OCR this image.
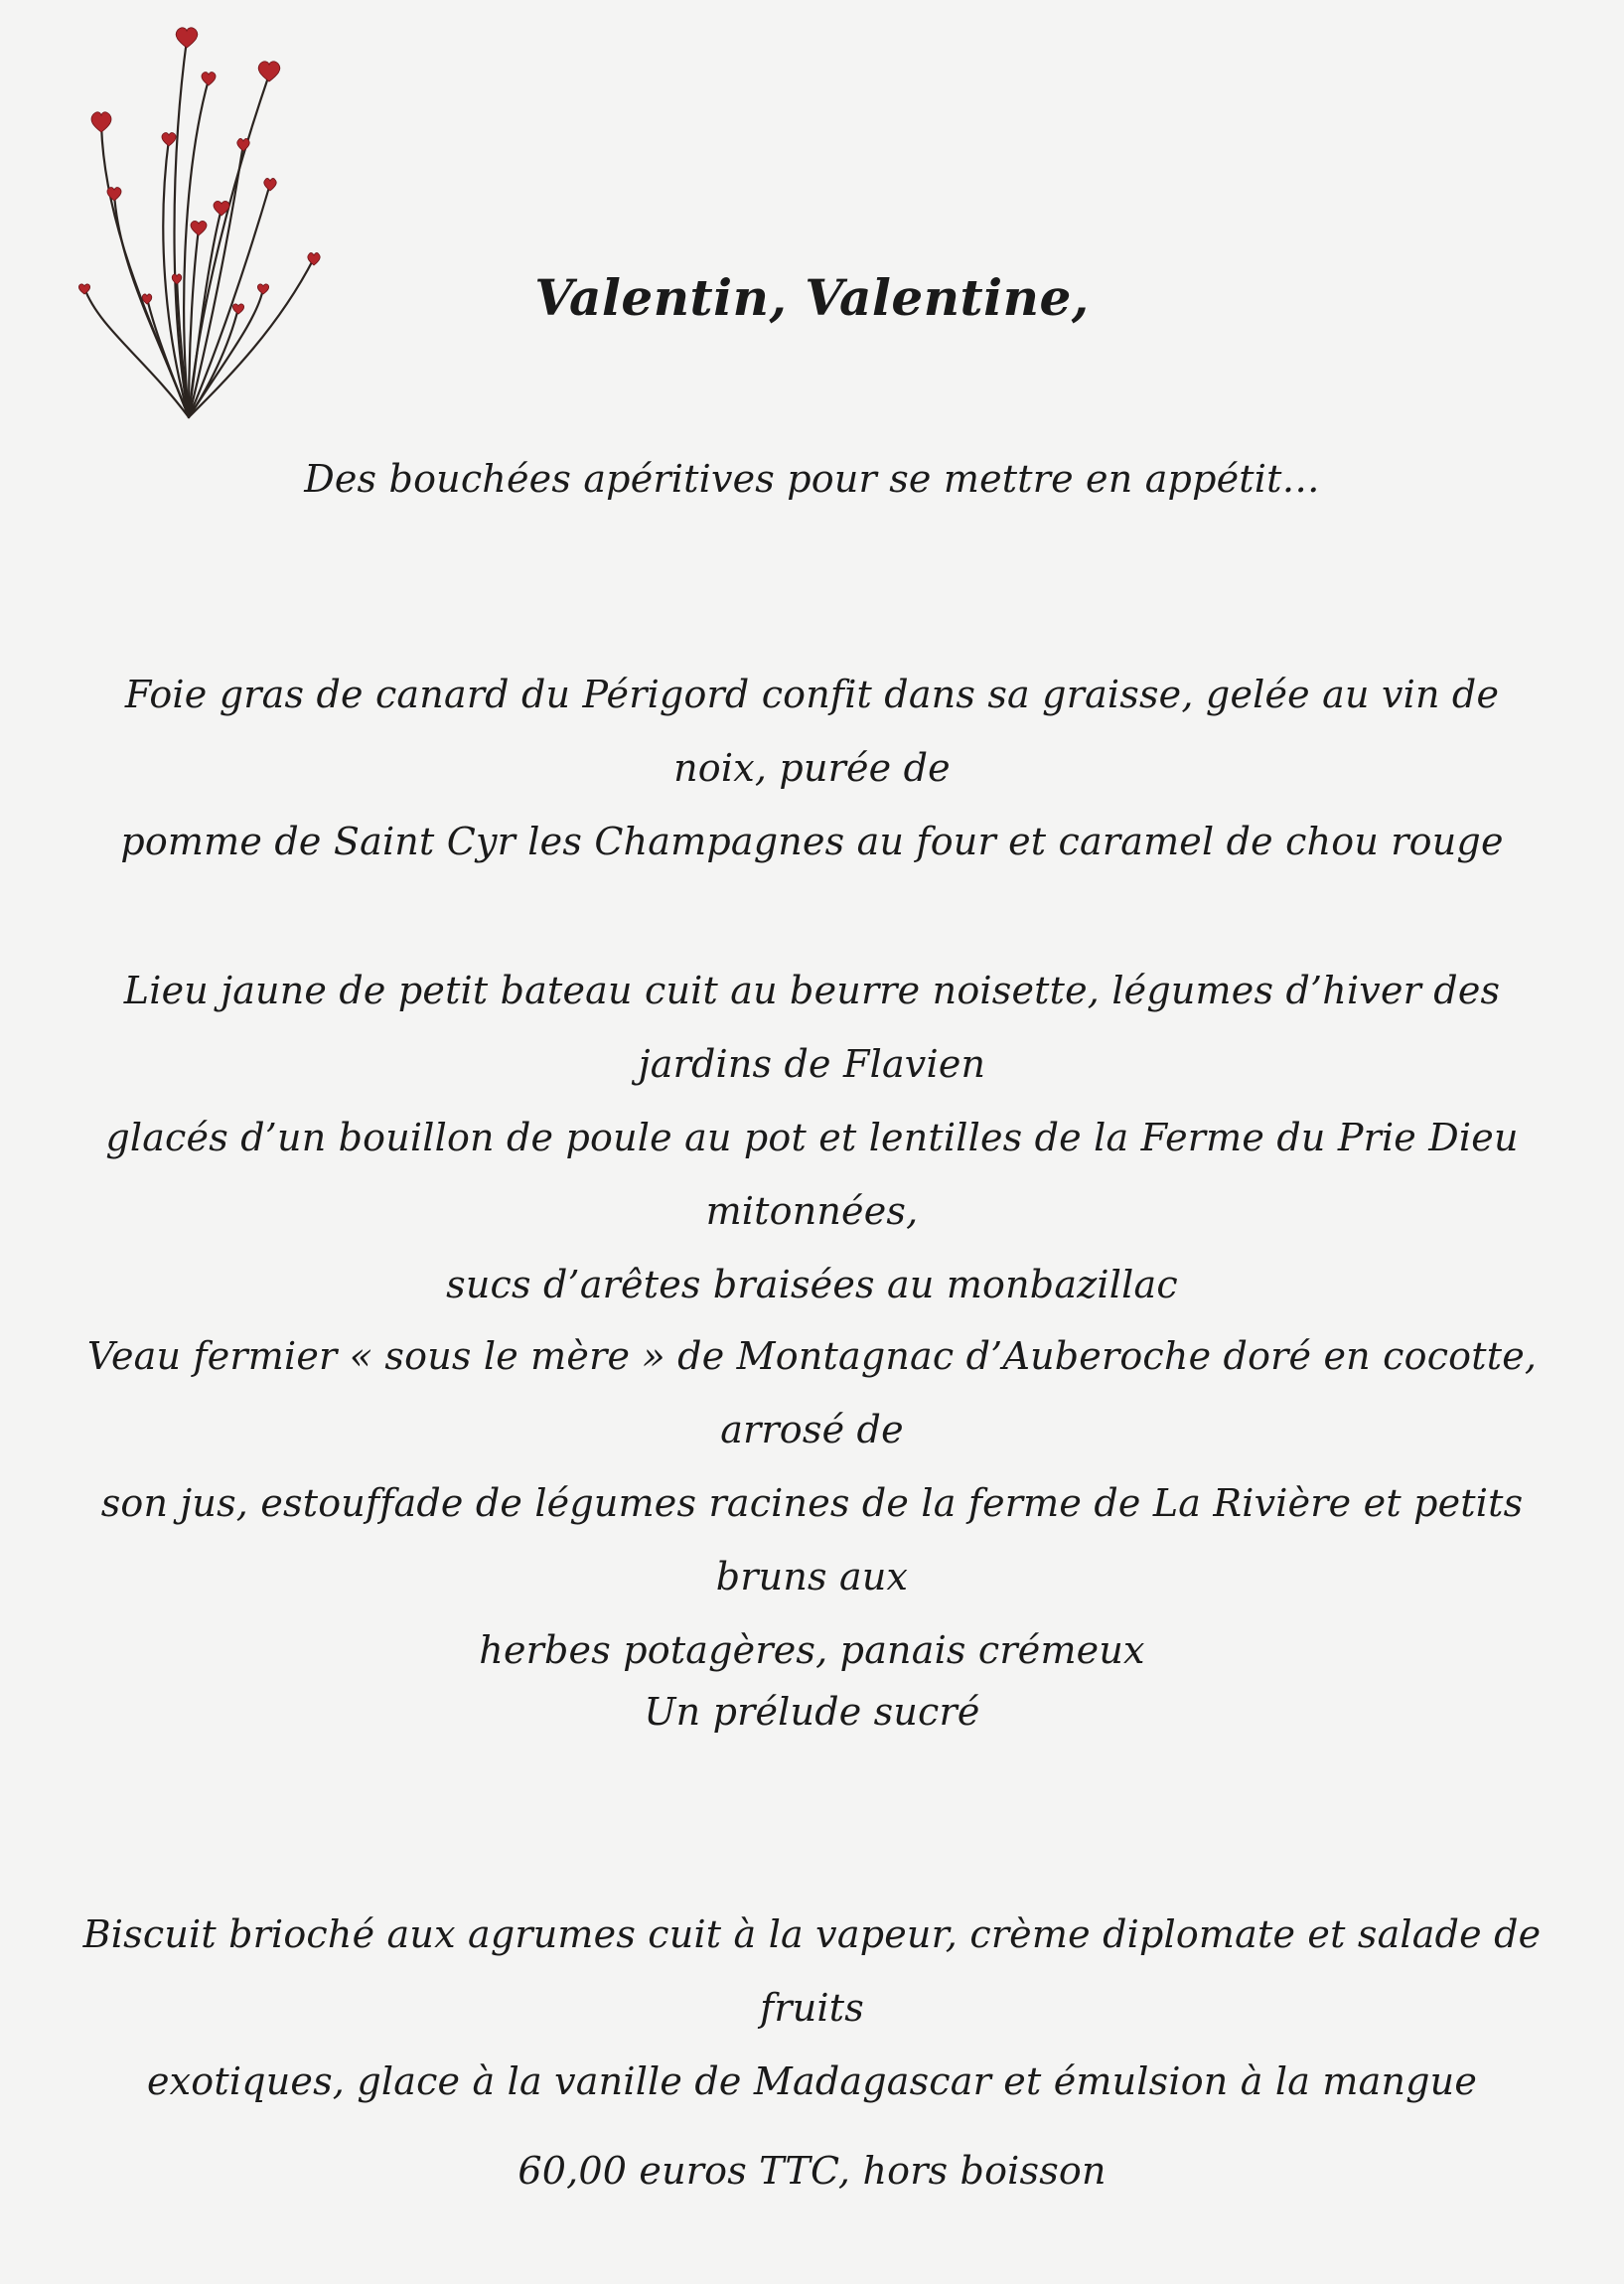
Valentin, Valentine,
Des bouchées apéritives pour se mettre en appétit…
Foie gras de canard du Périgord confit dans sa graisse, gelée au vin de noix, purée de
pomme de Saint Cyr les Champagnes au four et caramel de chou rouge
Lieu jaune de petit bateau cuit au beurre noisette, légumes d’hiver des jardins de Flavien
glacés d’un bouillon de poule au pot et lentilles de la Ferme du Prie Dieu mitonnées,
sucs d’arêtes braisées au monbazillac
Veau fermier « sous le mère » de Montagnac d’Auberoche doré en cocotte, arrosé de
son jus, estouffade de légumes racines de la ferme de La Rivière et petits bruns aux
herbes potagères, panais crémeux
Un prélude sucré
Biscuit brioché aux agrumes cuit à la vapeur, crème diplomate et salade de fruits
exotiques, glace à la vanille de Madagascar et émulsion à la mangue
60,00 euros TTC, hors boisson
